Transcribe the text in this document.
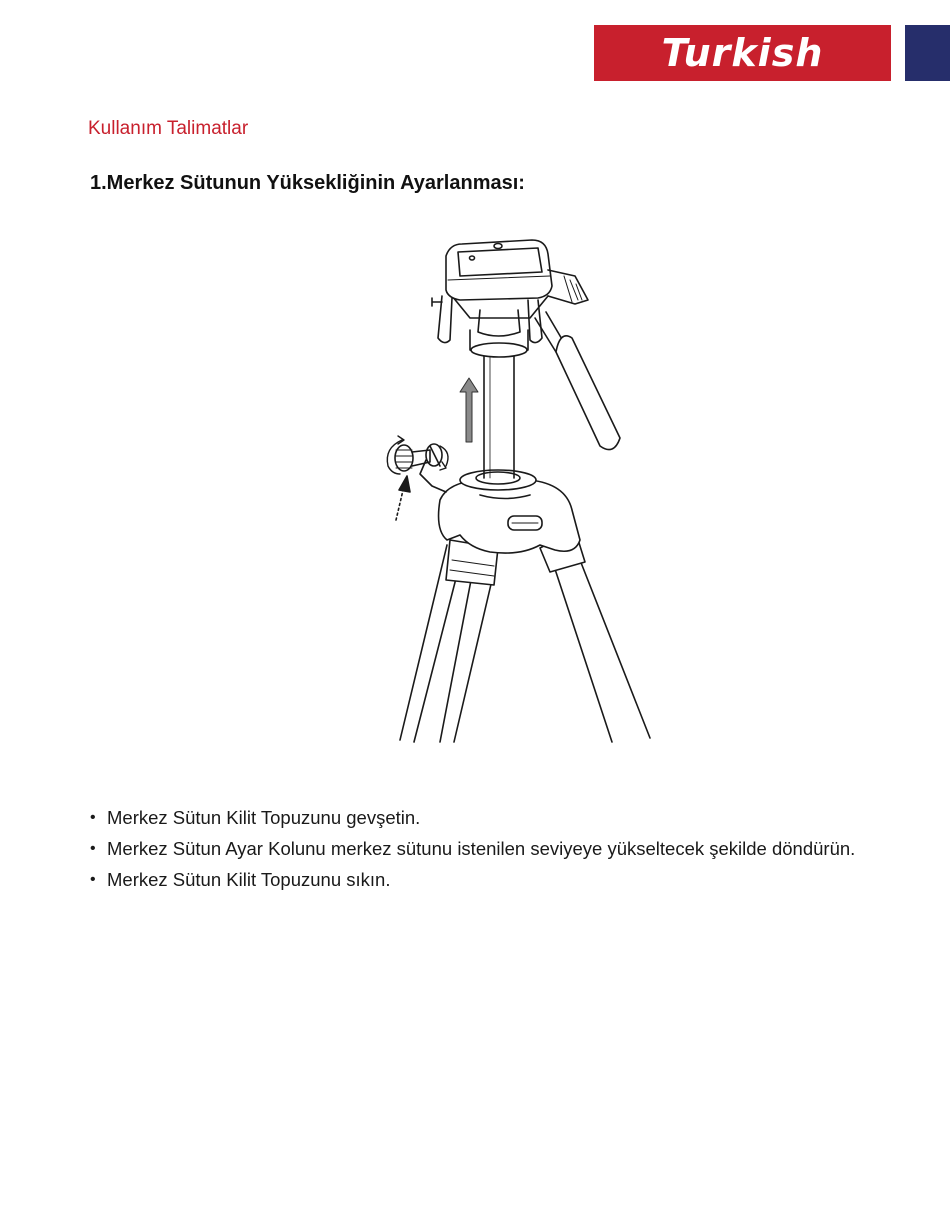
Turkish
Kullanım Talimatlar
1.Merkez Sütunun Yüksekliğinin Ayarlanması:
• Merkez Sütun Kilit Topuzunu gevşetin.
• Merkez Sütun Ayar Kolunu merkez sütunu istenilen seviyeye yükseltecek şekilde döndürün.
• Merkez Sütun Kilit Topuzunu sıkın.
